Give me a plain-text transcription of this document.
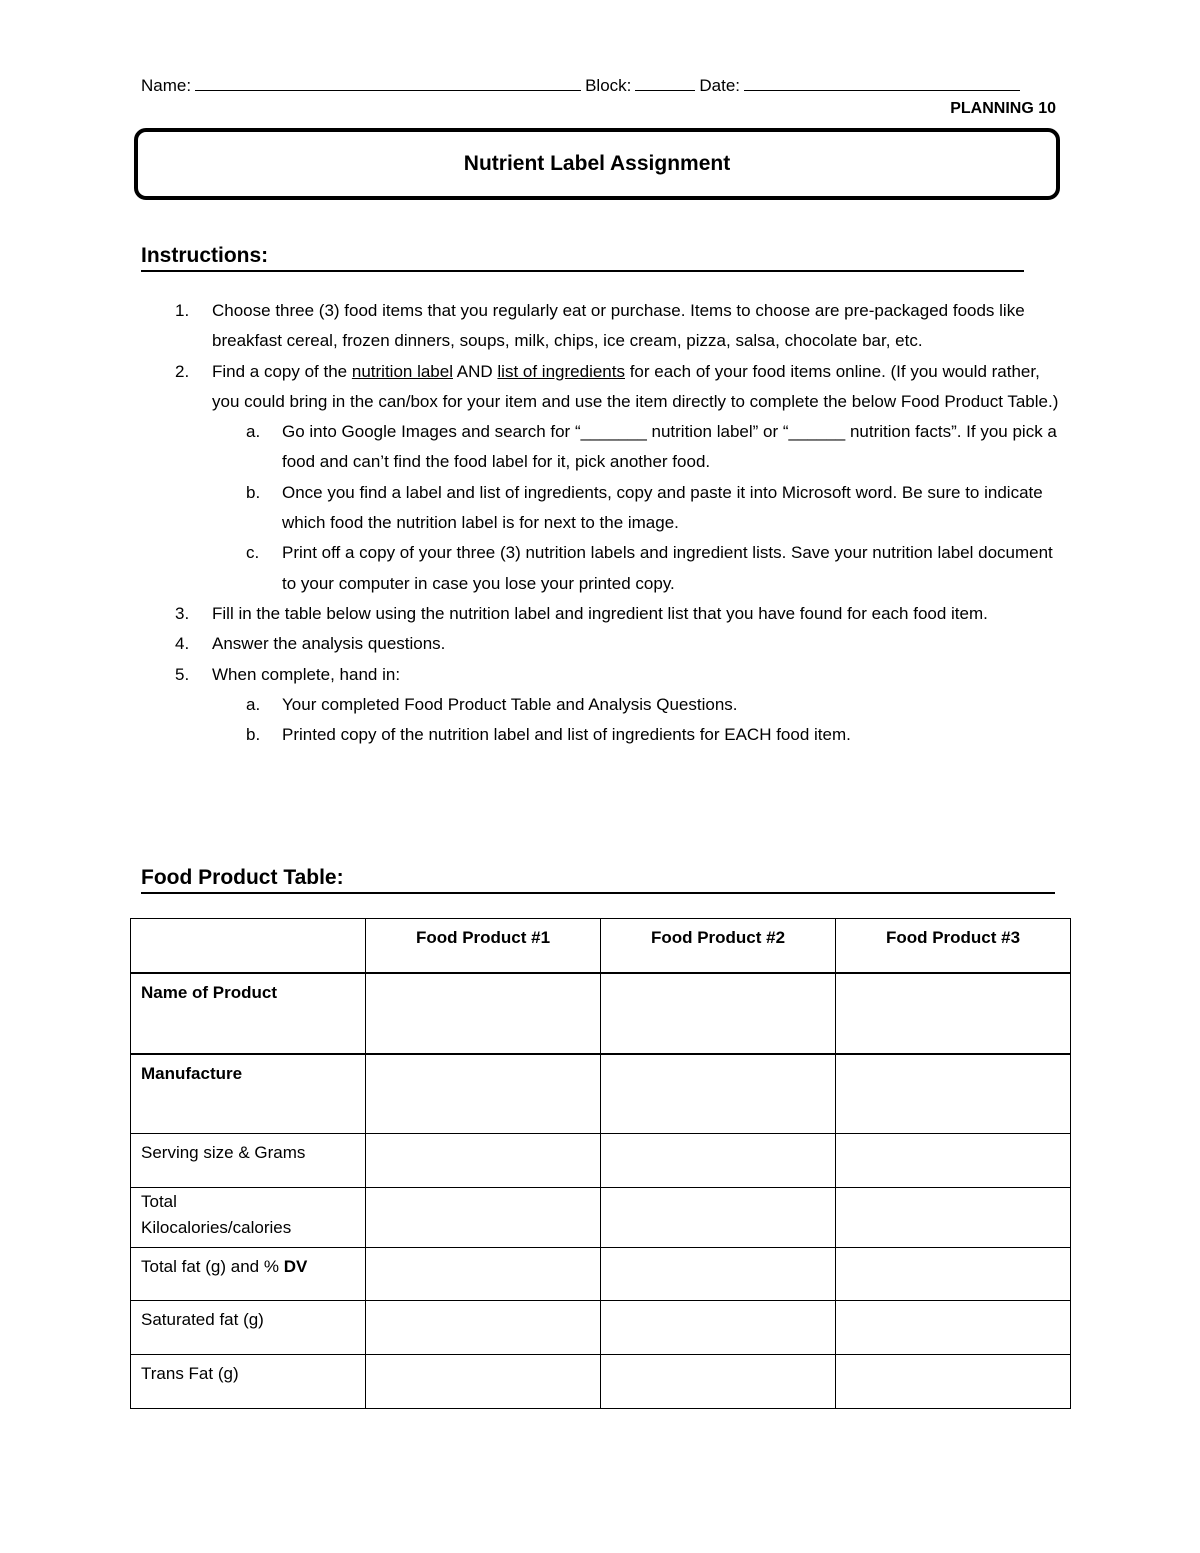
Name:	Block:	Date:
PLANNING 10
Nutrient Label Assignment
Instructions:
1. Choose three (3) food items that you regularly eat or purchase. Items to choose are pre-packaged foods like breakfast cereal, frozen dinners, soups, milk, chips, ice cream, pizza, salsa, chocolate bar, etc.
2. Find a copy of the nutrition label AND list of ingredients for each of your food items online. (If you would rather, you could bring in the can/box for your item and use the item directly to complete the below Food Product Table.)
a. Go into Google Images and search for “_______ nutrition label” or “______ nutrition facts”. If you pick a food and can’t find the food label for it, pick another food.
b. Once you find a label and list of ingredients, copy and paste it into Microsoft word. Be sure to indicate which food the nutrition label is for next to the image.
c. Print off a copy of your three (3) nutrition labels and ingredient lists. Save your nutrition label document to your computer in case you lose your printed copy.
3. Fill in the table below using the nutrition label and ingredient list that you have found for each food item.
4. Answer the analysis questions.
5. When complete, hand in:
a. Your completed Food Product Table and Analysis Questions.
b. Printed copy of the nutrition label and list of ingredients for EACH food item.
Food Product Table:
	Food Product #1	Food Product #2	Food Product #3
Name of Product			
Manufacture			
Serving size & Grams			
Total
Kilocalories/calories			
Total fat (g) and % DV			
Saturated fat (g)			
Trans Fat (g)			
